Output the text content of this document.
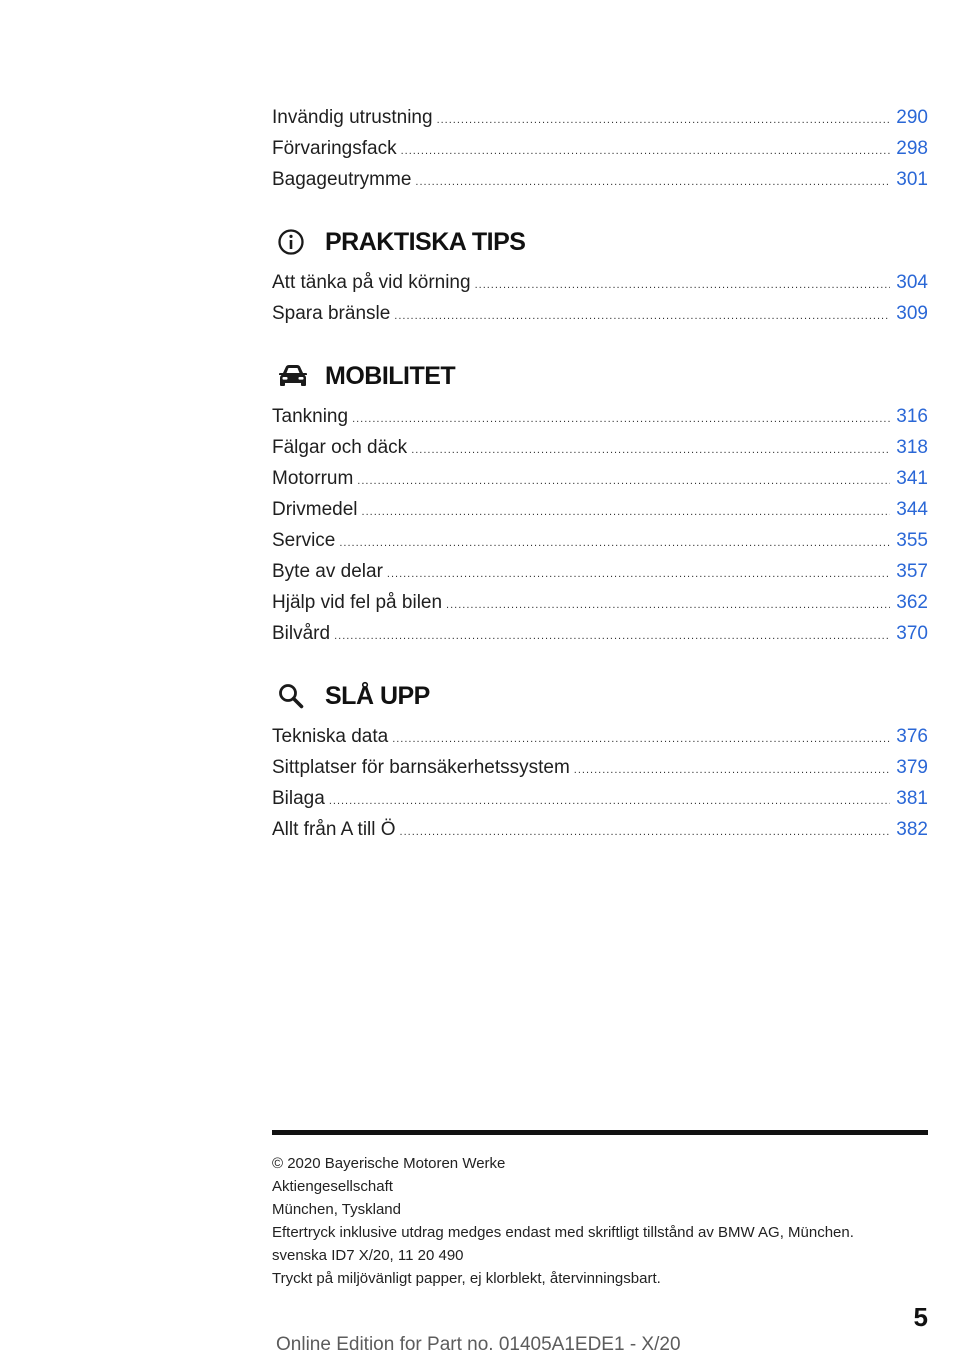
Invändig utrustning .....	290
Förvaringsfack .....	298
Bagageutrymme .....	301
PRAKTISKA TIPS
Att tänka på vid körning .....	304
Spara bränsle .....	309
MOBILITET
Tankning .....	316
Fälgar och däck .....	318
Motorrum .....	341
Drivmedel .....	344
Service .....	355
Byte av delar .....	357
Hjälp vid fel på bilen .....	362
Bilvård .....	370
SLÅ UPP
Tekniska data .....	376
Sittplatser för barnsäkerhetssystem .....	379
Bilaga .....	381
Allt från A till Ö .....	382
© 2020 Bayerische Motoren Werke
Aktiengesellschaft
München, Tyskland
Eftertryck inklusive utdrag medges endast med skriftligt tillstånd av BMW AG, München.
svenska ID7 X/20, 11 20 490
Tryckt på miljövänligt papper, ej klorblekt, återvinningsbart.
5
Online Edition for Part no. 01405A1EDE1 - X/20
